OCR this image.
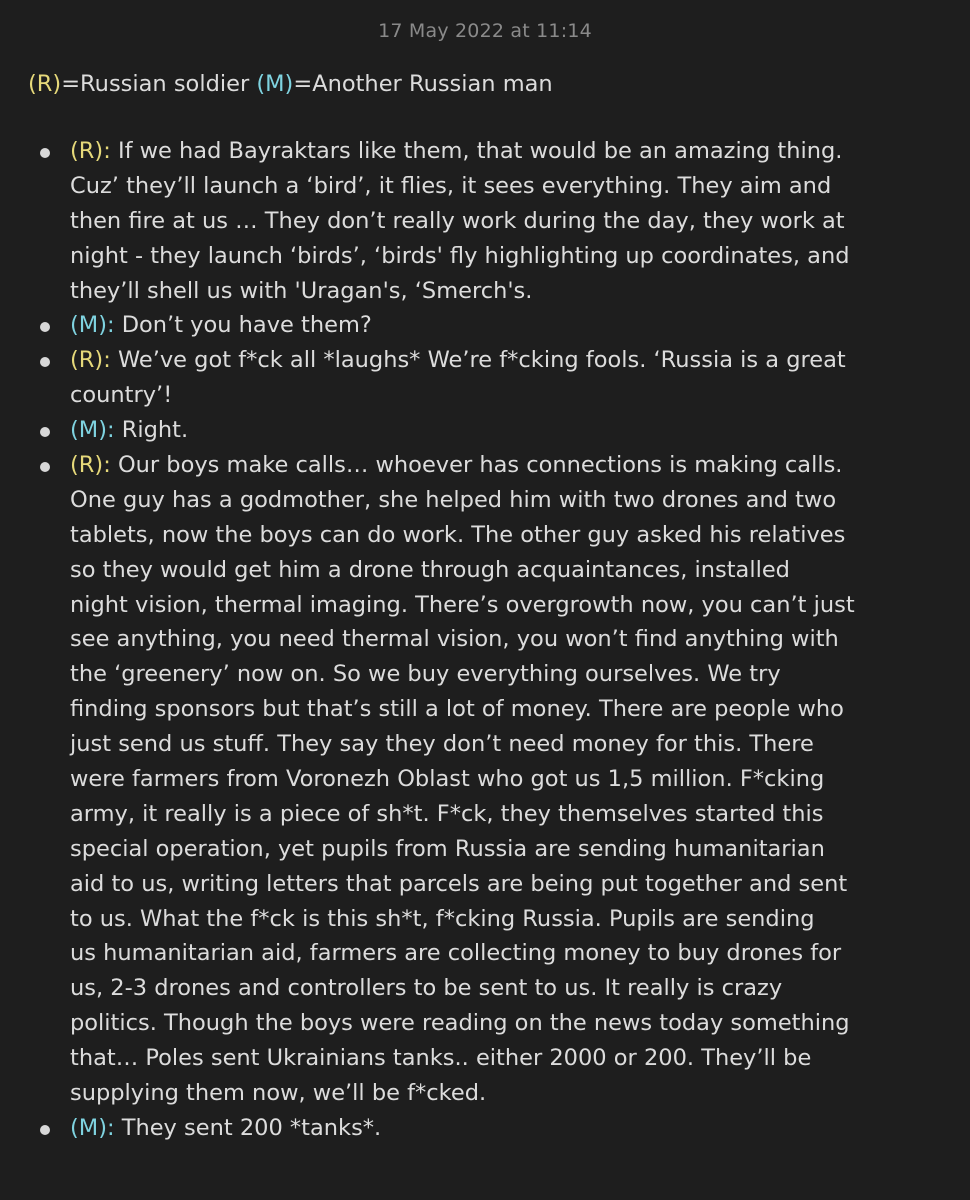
17 May 2022 at 11:14
(R)=Russian soldier (M)=Another Russian man
(R): If we had Bayraktars like them, that would be an amazing thing.
Cuz’ they’ll launch a ‘bird’, it flies, it sees everything. They aim and
then fire at us … They don’t really work during the day, they work at
night - they launch ‘birds’, ‘birds' fly highlighting up coordinates, and
they’ll shell us with 'Uragan's, ‘Smerch's.
(M): Don’t you have them?
(R): We’ve got f*ck all *laughs* We’re f*cking fools. ‘Russia is a great
country’!
(M): Right.
(R): Our boys make calls… whoever has connections is making calls.
One guy has a godmother, she helped him with two drones and two
tablets, now the boys can do work. The other guy asked his relatives
so they would get him a drone through acquaintances, installed
night vision, thermal imaging. There’s overgrowth now, you can’t just
see anything, you need thermal vision, you won’t find anything with
the ‘greenery’ now on. So we buy everything ourselves. We try
finding sponsors but that’s still a lot of money. There are people who
just send us stuff. They say they don’t need money for this. There
were farmers from Voronezh Oblast who got us 1,5 million. F*cking
army, it really is a piece of sh*t. F*ck, they themselves started this
special operation, yet pupils from Russia are sending humanitarian
aid to us, writing letters that parcels are being put together and sent
to us. What the f*ck is this sh*t, f*cking Russia. Pupils are sending
us humanitarian aid, farmers are collecting money to buy drones for
us, 2-3 drones and controllers to be sent to us. It really is crazy
politics. Though the boys were reading on the news today something
that… Poles sent Ukrainians tanks.. either 2000 or 200. They’ll be
supplying them now, we’ll be f*cked.
(M): They sent 200 *tanks*.
